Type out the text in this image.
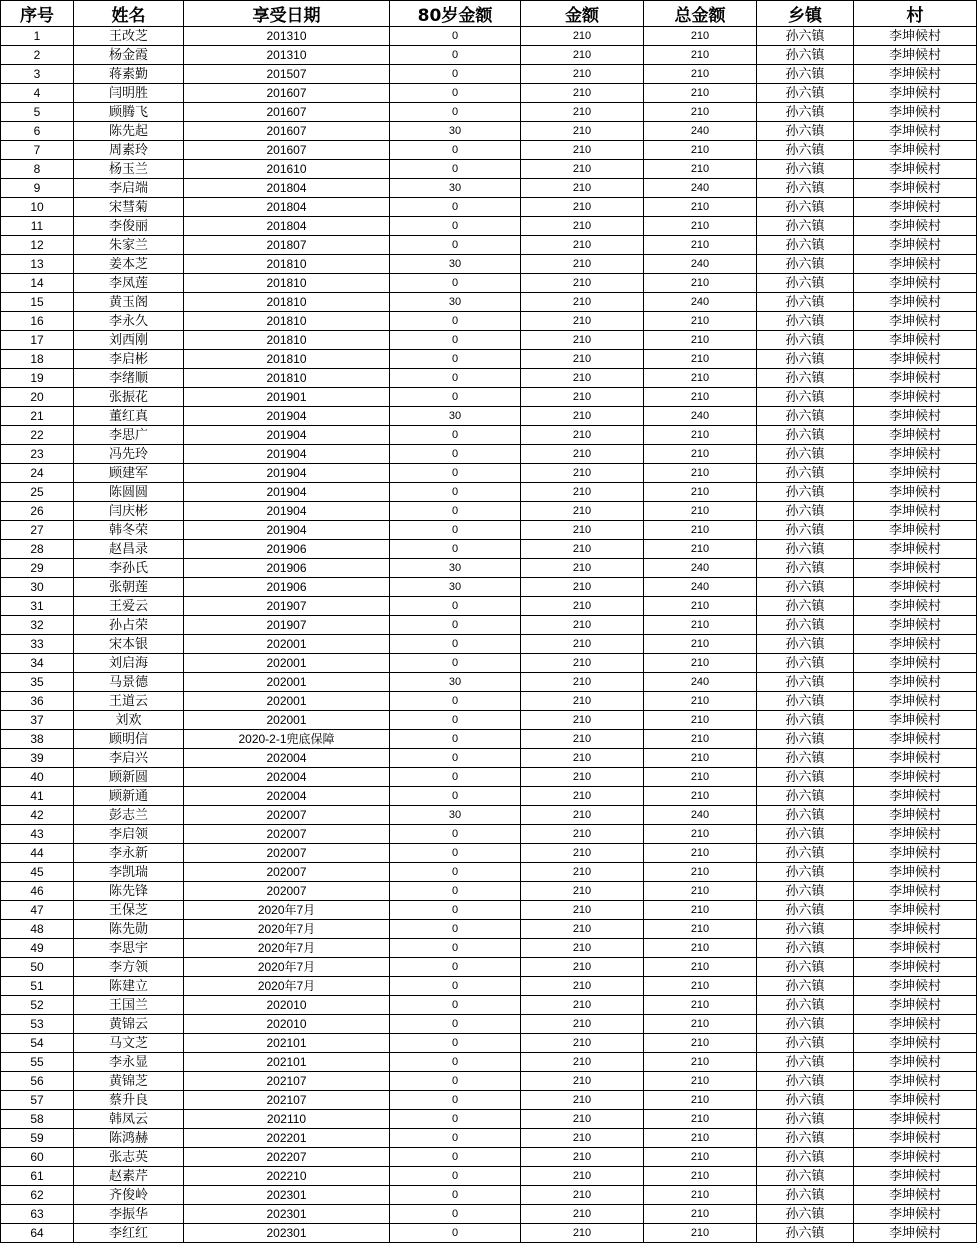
序号	姓名	享受日期	80岁金额	金额	总金额	乡镇	村
1	王改芝	201310	0	210	210	孙六镇	李坤候村
2	杨金霞	201310	0	210	210	孙六镇	李坤候村
3	蒋素勤	201507	0	210	210	孙六镇	李坤候村
4	闫明胜	201607	0	210	210	孙六镇	李坤候村
5	顾腾飞	201607	0	210	210	孙六镇	李坤候村
6	陈先起	201607	30	210	240	孙六镇	李坤候村
7	周素玲	201607	0	210	210	孙六镇	李坤候村
8	杨玉兰	201610	0	210	210	孙六镇	李坤候村
9	李启端	201804	30	210	240	孙六镇	李坤候村
10	宋彗菊	201804	0	210	210	孙六镇	李坤候村
11	李俊丽	201804	0	210	210	孙六镇	李坤候村
12	朱家兰	201807	0	210	210	孙六镇	李坤候村
13	姜本芝	201810	30	210	240	孙六镇	李坤候村
14	李凤莲	201810	0	210	210	孙六镇	李坤候村
15	黄玉阁	201810	30	210	240	孙六镇	李坤候村
16	李永久	201810	0	210	210	孙六镇	李坤候村
17	刘西刚	201810	0	210	210	孙六镇	李坤候村
18	李启彬	201810	0	210	210	孙六镇	李坤候村
19	李绪顺	201810	0	210	210	孙六镇	李坤候村
20	张振花	201901	0	210	210	孙六镇	李坤候村
21	董红真	201904	30	210	240	孙六镇	李坤候村
22	李思广	201904	0	210	210	孙六镇	李坤候村
23	冯先玲	201904	0	210	210	孙六镇	李坤候村
24	顾建军	201904	0	210	210	孙六镇	李坤候村
25	陈圆圆	201904	0	210	210	孙六镇	李坤候村
26	闫庆彬	201904	0	210	210	孙六镇	李坤候村
27	韩冬荣	201904	0	210	210	孙六镇	李坤候村
28	赵昌录	201906	0	210	210	孙六镇	李坤候村
29	李孙氏	201906	30	210	240	孙六镇	李坤候村
30	张朝莲	201906	30	210	240	孙六镇	李坤候村
31	王爱云	201907	0	210	210	孙六镇	李坤候村
32	孙占荣	201907	0	210	210	孙六镇	李坤候村
33	宋本银	202001	0	210	210	孙六镇	李坤候村
34	刘启海	202001	0	210	210	孙六镇	李坤候村
35	马景德	202001	30	210	240	孙六镇	李坤候村
36	王道云	202001	0	210	210	孙六镇	李坤候村
37	刘欢	202001	0	210	210	孙六镇	李坤候村
38	顾明信	2020-2-1兜底保障	0	210	210	孙六镇	李坤候村
39	李启兴	202004	0	210	210	孙六镇	李坤候村
40	顾新圆	202004	0	210	210	孙六镇	李坤候村
41	顾新通	202004	0	210	210	孙六镇	李坤候村
42	彭志兰	202007	30	210	240	孙六镇	李坤候村
43	李启领	202007	0	210	210	孙六镇	李坤候村
44	李永新	202007	0	210	210	孙六镇	李坤候村
45	李凯瑞	202007	0	210	210	孙六镇	李坤候村
46	陈先锋	202007	0	210	210	孙六镇	李坤候村
47	王保芝	2020年7月	0	210	210	孙六镇	李坤候村
48	陈先勋	2020年7月	0	210	210	孙六镇	李坤候村
49	李思宇	2020年7月	0	210	210	孙六镇	李坤候村
50	李方领	2020年7月	0	210	210	孙六镇	李坤候村
51	陈建立	2020年7月	0	210	210	孙六镇	李坤候村
52	王国兰	202010	0	210	210	孙六镇	李坤候村
53	黄锦云	202010	0	210	210	孙六镇	李坤候村
54	马文芝	202101	0	210	210	孙六镇	李坤候村
55	李永显	202101	0	210	210	孙六镇	李坤候村
56	黄锦芝	202107	0	210	210	孙六镇	李坤候村
57	蔡升良	202107	0	210	210	孙六镇	李坤候村
58	韩凤云	202110	0	210	210	孙六镇	李坤候村
59	陈鸿赫	202201	0	210	210	孙六镇	李坤候村
60	张志英	202207	0	210	210	孙六镇	李坤候村
61	赵素芹	202210	0	210	210	孙六镇	李坤候村
62	齐俊岭	202301	0	210	210	孙六镇	李坤候村
63	李振华	202301	0	210	210	孙六镇	李坤候村
64	李红红	202301	0	210	210	孙六镇	李坤候村
